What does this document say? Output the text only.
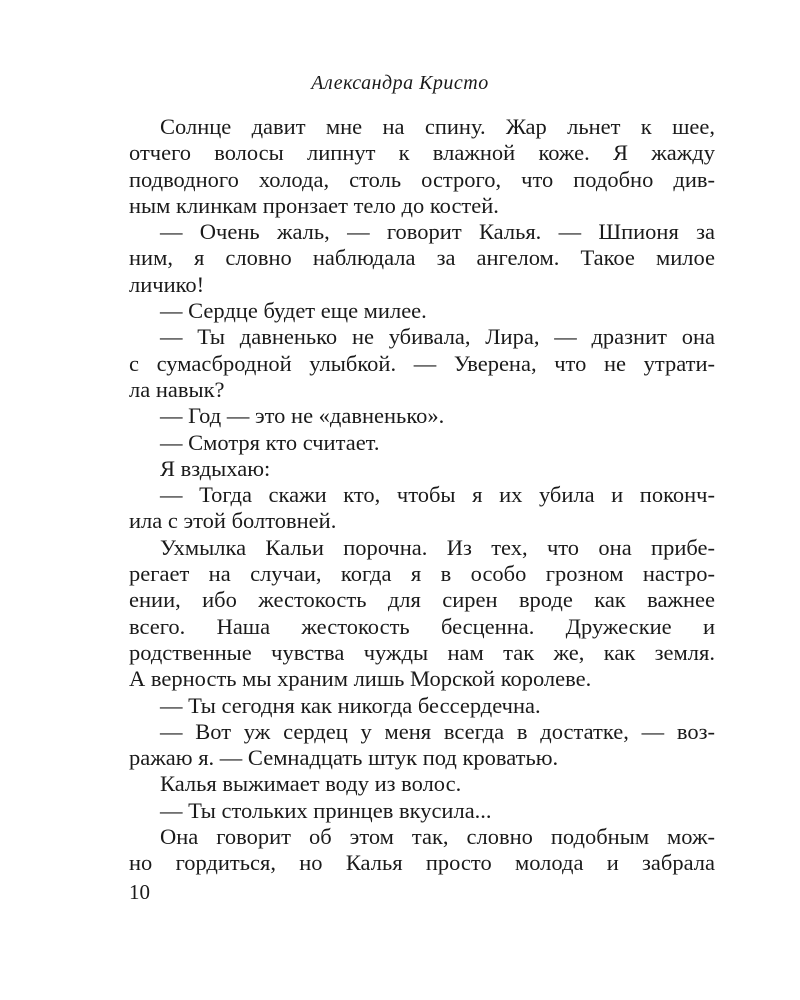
Александра Кристо
Солнце давит мне на спину. Жар льнет к шее,
отчего волосы липнут к влажной коже. Я жажду
подводного холода, столь острого, что подобно див-
ным клинкам пронзает тело до костей.
— Очень жаль, — говорит Калья. — Шпионя за
ним, я словно наблюдала за ангелом. Такое милое
личико!
— Сердце будет еще милее.
— Ты давненько не убивала, Лира, — дразнит она
с сумасбродной улыбкой. — Уверена, что не утрати-
ла навык?
— Год — это не «давненько».
— Смотря кто считает.
Я вздыхаю:
— Тогда скажи кто, чтобы я их убила и поконч-
ила с этой болтовней.
Ухмылка Кальи порочна. Из тех, что она прибе-
регает на случаи, когда я в особо грозном настро-
ении, ибо жестокость для сирен вроде как важнее
всего. Наша жестокость бесценна. Дружеские и
родственные чувства чужды нам так же, как земля.
А верность мы храним лишь Морской королеве.
— Ты сегодня как никогда бессердечна.
— Вот уж сердец у меня всегда в достатке, — воз-
ражаю я. — Семнадцать штук под кроватью.
Калья выжимает воду из волос.
— Ты стольких принцев вкусила...
Она говорит об этом так, словно подобным мож-
но гордиться, но Калья просто молода и забрала
10
